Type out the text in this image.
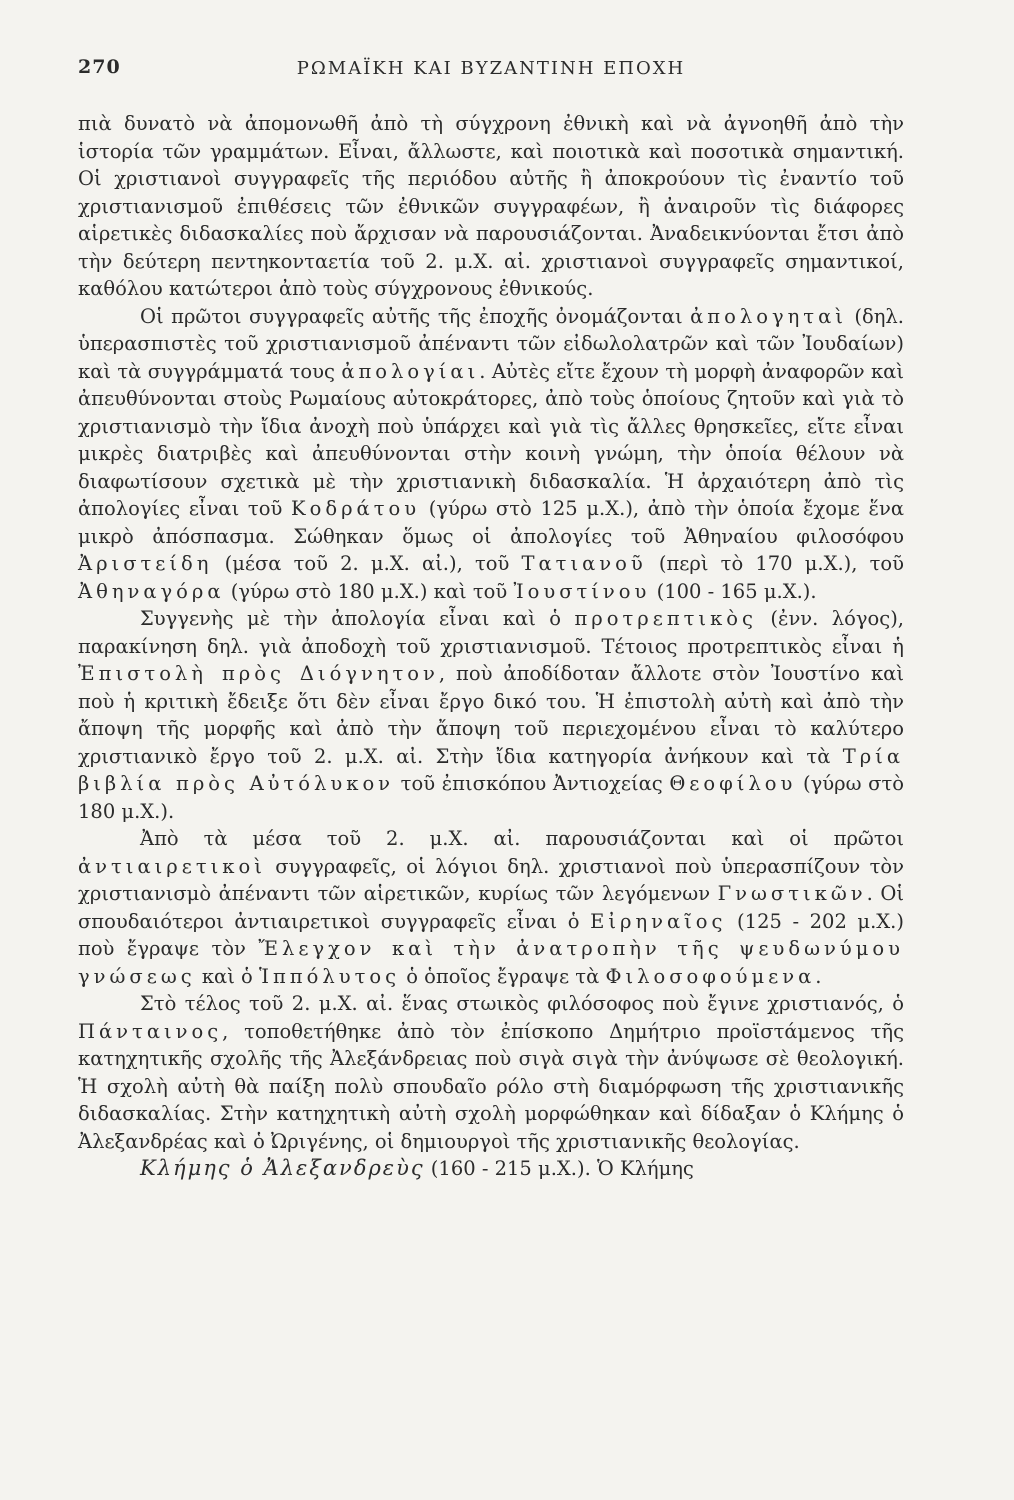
270	ΡΩΜΑΪΚΗ ΚΑΙ ΒΥΖΑΝΤΙΝΗ ΕΠΟΧΗ

πιὰ δυνατὸ νὰ ἀπομονωθῆ ἀπὸ τὴ σύγχρονη ἐθνικὴ καὶ νὰ ἀγνοηθῆ ἀπὸ τὴν ἱστορία τῶν γραμμάτων. Εἶναι, ἄλλωστε, καὶ ποιοτικὰ καὶ ποσοτικὰ σημαντική. Οἱ χριστιανοὶ συγγραφεῖς τῆς περιόδου αὐτῆς ἢ ἀποκρούουν τὶς ἐναντίο τοῦ χριστιανισμοῦ ἐπιθέσεις τῶν ἐθνικῶν συγγραφέων, ἢ ἀναιροῦν τὶς διάφορες αἱρετικὲς διδασκαλίες ποὺ ἄρχισαν νὰ παρουσιάζονται. Ἀναδεικνύονται ἔτσι ἀπὸ τὴν δεύτερη πεντηκονταετία τοῦ 2. μ.Χ. αἰ. χριστιανοὶ συγγραφεῖς σημαντικοί, καθόλου κατώτεροι ἀπὸ τοὺς σύγχρονους ἐθνικούς.

Οἱ πρῶτοι συγγραφεῖς αὐτῆς τῆς ἐποχῆς ὀνομάζονται ἀπολογηταὶ (δηλ. ὑπερασπιστὲς τοῦ χριστιανισμοῦ ἀπέναντι τῶν εἰδωλολατρῶν καὶ τῶν Ἰουδαίων) καὶ τὰ συγγράμματά τους ἀπολογίαι. Αὐτὲς εἴτε ἔχουν τὴ μορφὴ ἀναφορῶν καὶ ἀπευθύνονται στοὺς Ρωμαίους αὐτοκράτορες, ἀπὸ τοὺς ὁποίους ζητοῦν καὶ γιὰ τὸ χριστιανισμὸ τὴν ἴδια ἀνοχὴ ποὺ ὑπάρχει καὶ γιὰ τὶς ἄλλες θρησκεῖες, εἴτε εἶναι μικρὲς διατριβὲς καὶ ἀπευθύνονται στὴν κοινὴ γνώμη, τὴν ὁποία θέλουν νὰ διαφωτίσουν σχετικὰ μὲ τὴν χριστιανικὴ διδασκαλία. Ἡ ἀρχαιότερη ἀπὸ τὶς ἀπολογίες εἶναι τοῦ Κοδράτου (γύρω στὸ 125 μ.Χ.), ἀπὸ τὴν ὁποία ἔχομε ἕνα μικρὸ ἀπόσπασμα. Σώθηκαν ὅμως οἱ ἀπολογίες τοῦ Ἀθηναίου φιλοσόφου Ἀριστείδη (μέσα τοῦ 2. μ.Χ. αἰ.), τοῦ Τατιανοῦ (περὶ τὸ 170 μ.Χ.), τοῦ Ἀθηναγόρα (γύρω στὸ 180 μ.Χ.) καὶ τοῦ Ἰουστίνου (100 - 165 μ.Χ.).

Συγγενὴς μὲ τὴν ἀπολογία εἶναι καὶ ὁ προτρεπτικὸς (ἐνν. λόγος), παρακίνηση δηλ. γιὰ ἀποδοχὴ τοῦ χριστιανισμοῦ. Τέτοιος προτρεπτικὸς εἶναι ἡ Ἐπιστολὴ πρὸς Διόγνητον, ποὺ ἀποδίδοταν ἄλλοτε στὸν Ἰουστίνο καὶ ποὺ ἡ κριτικὴ ἔδειξε ὅτι δὲν εἶναι ἔργο δικό του. Ἡ ἐπιστολὴ αὐτὴ καὶ ἀπὸ τὴν ἄποψη τῆς μορφῆς καὶ ἀπὸ τὴν ἄποψη τοῦ περιεχομένου εἶναι τὸ καλύτερο χριστιανικὸ ἔργο τοῦ 2. μ.Χ. αἰ. Στὴν ἴδια κατηγορία ἀνήκουν καὶ τὰ Τρία βιβλία πρὸς Αὐτόλυκον τοῦ ἐπισκόπου Ἀντιοχείας Θεοφίλου (γύρω στὸ 180 μ.Χ.).

Ἀπὸ τὰ μέσα τοῦ 2. μ.Χ. αἰ. παρουσιάζονται καὶ οἱ πρῶτοι ἀντιαιρετικοὶ συγγραφεῖς, οἱ λόγιοι δηλ. χριστιανοὶ ποὺ ὑπερασπίζουν τὸν χριστιανισμὸ ἀπέναντι τῶν αἱρετικῶν, κυρίως τῶν λεγόμενων Γνωστικῶν. Οἱ σπουδαιότεροι ἀντιαιρετικοὶ συγγραφεῖς εἶναι ὁ Εἰρηναῖος (125 - 202 μ.Χ.) ποὺ ἔγραψε τὸν Ἔλεγχον καὶ τὴν ἀνατροπὴν τῆς ψευδωνύμου γνώσεως καὶ ὁ Ἱππόλυτος ὁ ὁποῖος ἔγραψε τὰ Φιλοσοφούμενα.

Στὸ τέλος τοῦ 2. μ.Χ. αἰ. ἕνας στωικὸς φιλόσοφος ποὺ ἔγινε χριστιανός, ὁ Πάνταινος, τοποθετήθηκε ἀπὸ τὸν ἐπίσκοπο Δημήτριο προϊστάμενος τῆς κατηχητικῆς σχολῆς τῆς Ἀλεξάνδρειας ποὺ σιγὰ σιγὰ τὴν ἀνύψωσε σὲ θεολογική. Ἡ σχολὴ αὐτὴ θὰ παίξη πολὺ σπουδαῖο ρόλο στὴ διαμόρφωση τῆς χριστιανικῆς διδασκαλίας. Στὴν κατηχητικὴ αὐτὴ σχολὴ μορφώθηκαν καὶ δίδαξαν ὁ Κλήμης ὁ Ἀλεξανδρέας καὶ ὁ Ὠριγένης, οἱ δημιουργοὶ τῆς χριστιανικῆς θεολογίας.

Κλήμης ὁ Ἀλεξανδρεὺς (160 - 215 μ.Χ.). Ὁ Κλήμης
